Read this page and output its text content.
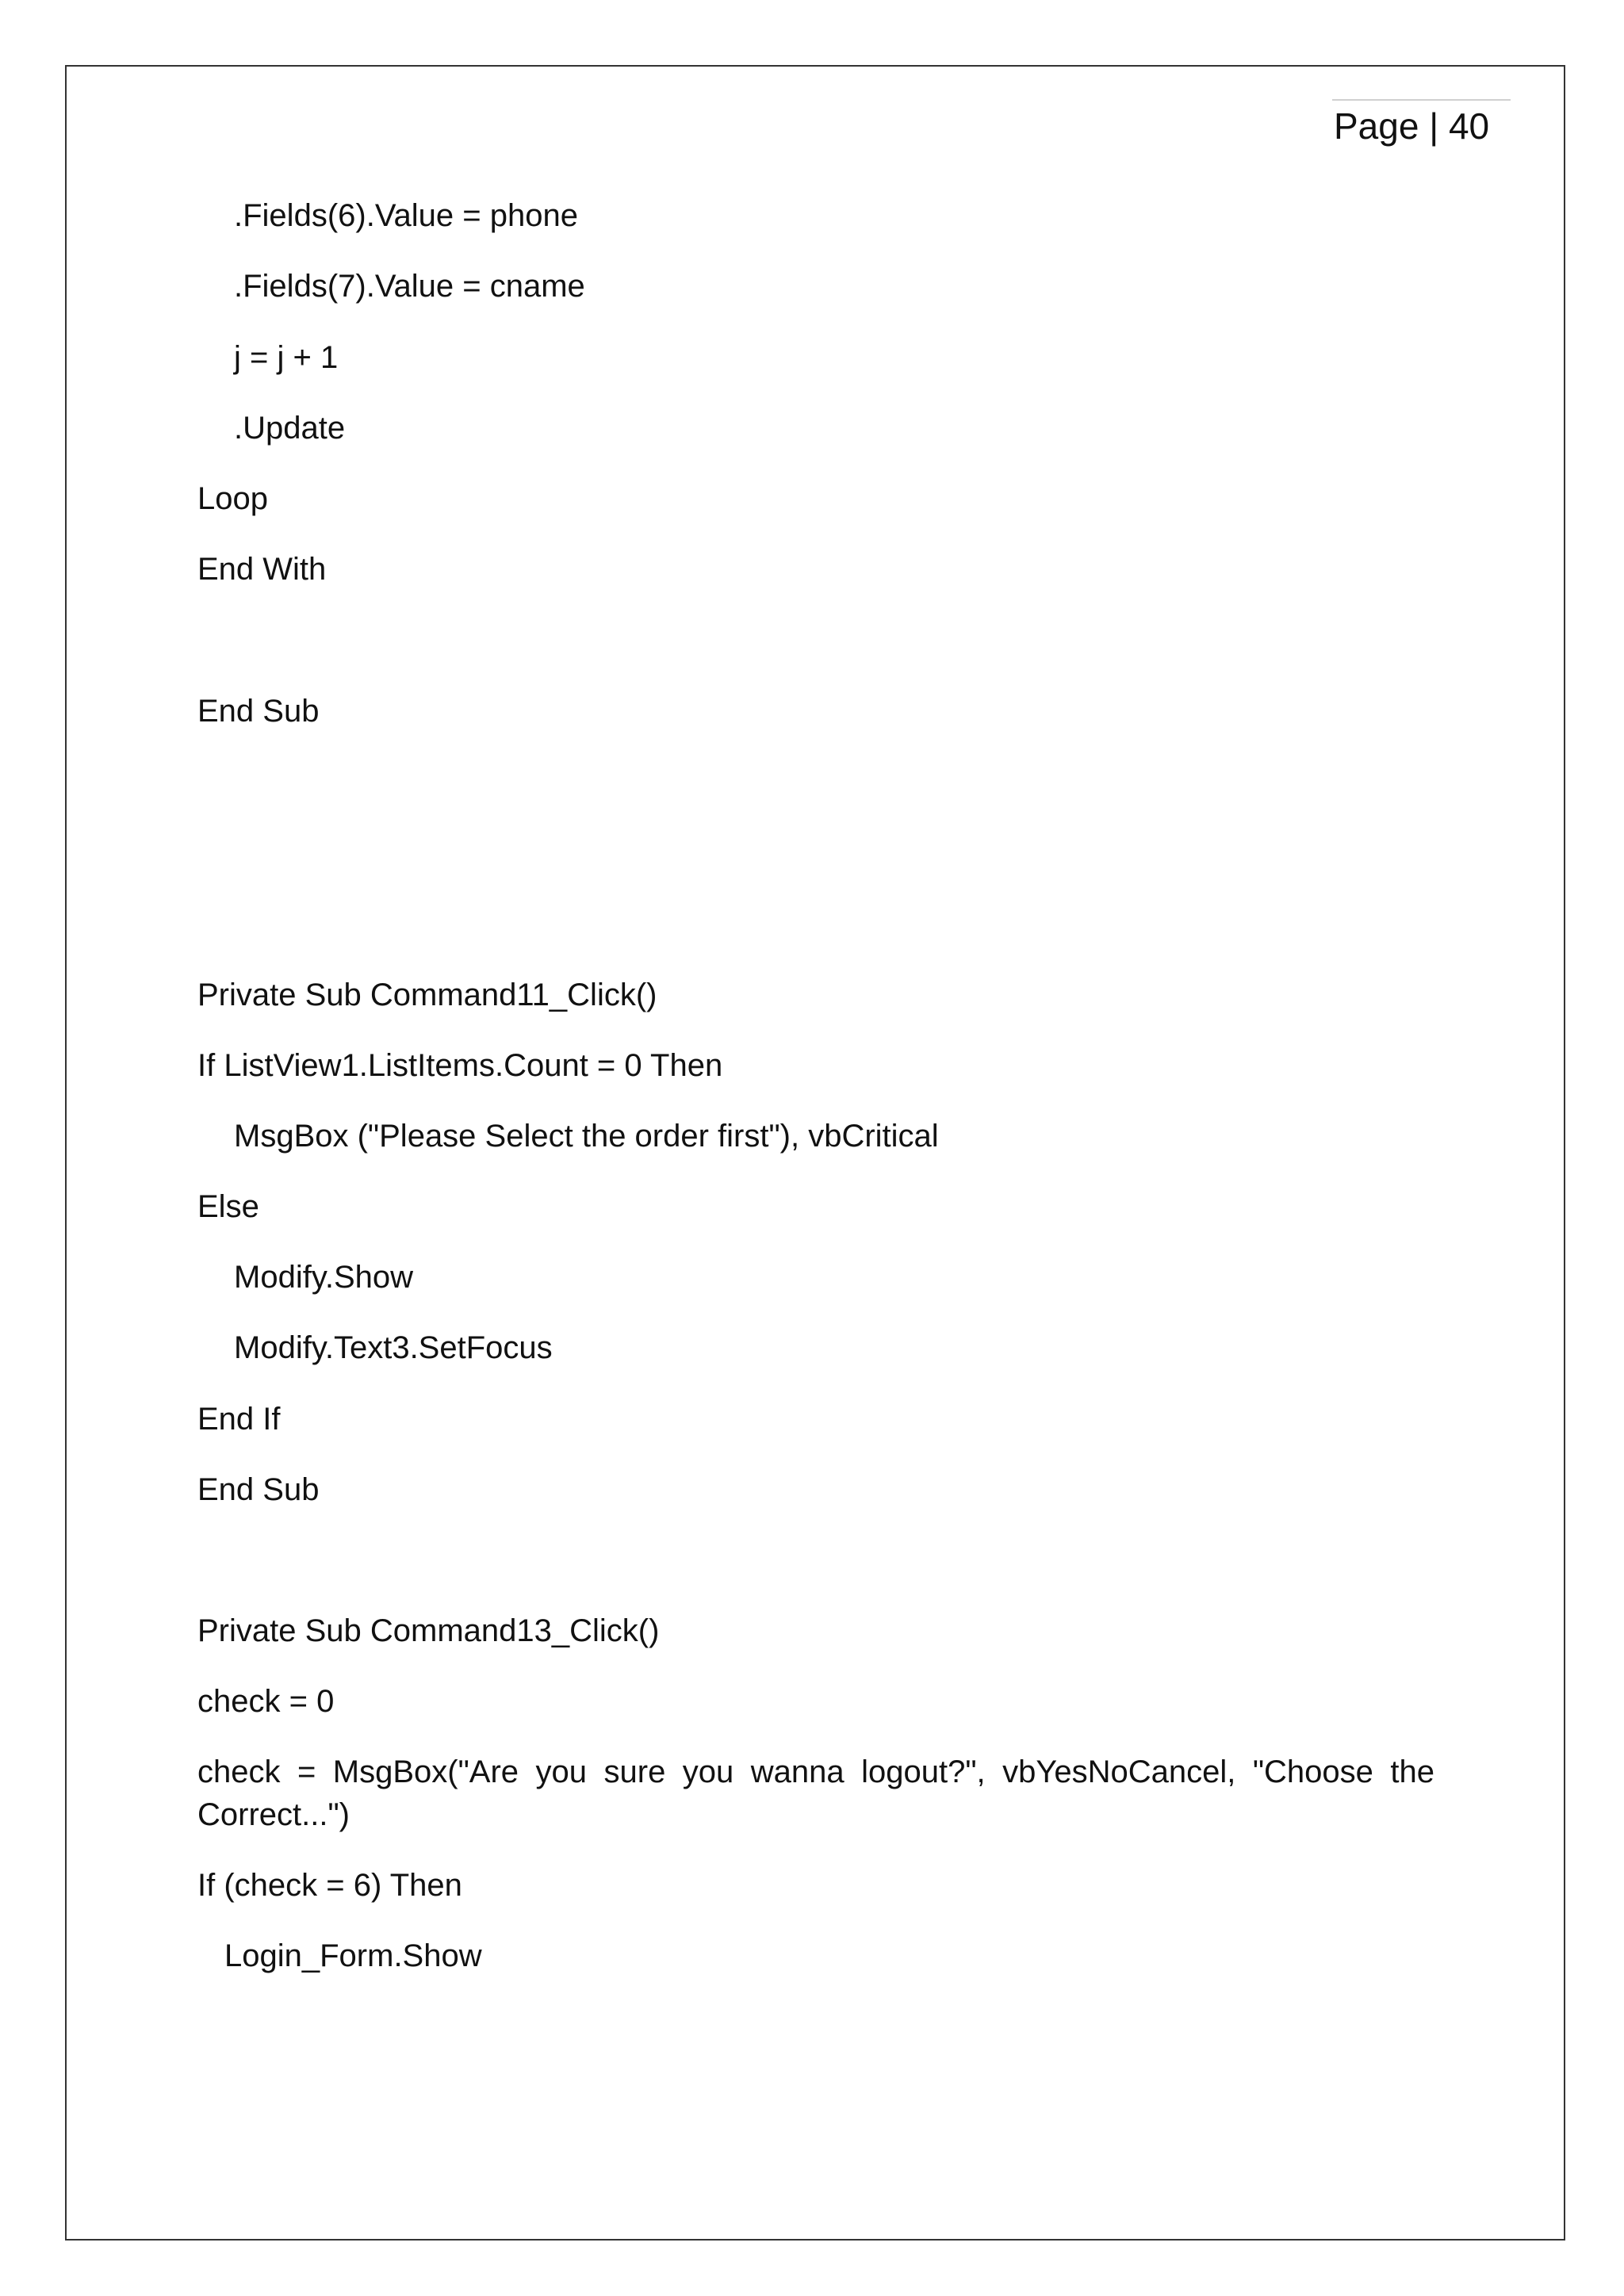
Page | 40
.Fields(6).Value = phone
.Fields(7).Value = cname
j = j + 1
.Update
Loop
End With
End Sub
Private Sub Command11_Click()
If ListView1.ListItems.Count = 0 Then
MsgBox ("Please Select the order first"), vbCritical
Else
Modify.Show
Modify.Text3.SetFocus
End If
End Sub
Private Sub Command13_Click()
check = 0
check = MsgBox("Are you sure you wanna logout?", vbYesNoCancel, "Choose the Correct...")
If (check = 6) Then
Login_Form.Show
